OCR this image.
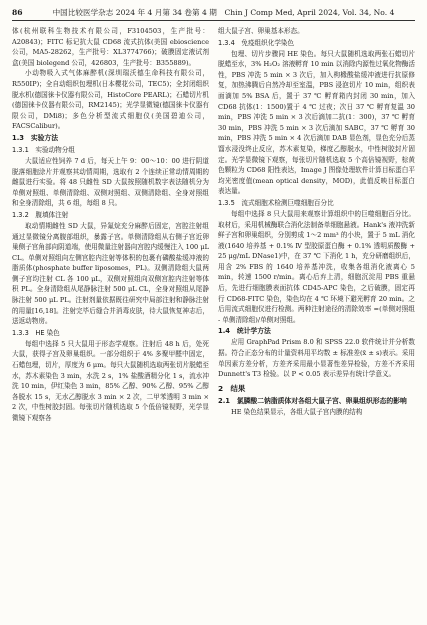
86	中国比较医学杂志 2024 年 4 月第 34 卷第 4 期　Chin J Comp Med, April 2024, Vol. 34, No. 4

体(杭州联科生物技术有限公司，F3104503，生产批号：A20843)；FITC 标记抗大鼠 CD68 流式抗体(美国 ebioscience 公司，MA5-28262，生产批号：XL3774766)；破膜固定液试剂盒(美国 biolegend 公司，426803，生产批号：B355889)。

小动物吸入式气体麻醉机(深圳瑞沃德生命科技有限公司，R550IP)；全自动组织包埋机(日本樱花公司，TEC5)；全封闭组织脱水机(德国徕卡仪器有限公司，HistoCore PEARL)；石蜡切片机(德国徕卡仪器有限公司，RM2145)；光学显微镜(德国徕卡仪器有限公司，DMi8)；多色分析型流式细胞仪(美国碧迪公司，FACSCalibur)。

1.3　实验方法
1.3.1　实验动物分组

大鼠适应性饲养 7 d 后，每天上午 9：00～10：00 进行阴道脱落细胞涂片并观察其动情周期，选取有 2 个连续正常动情周期的雌鼠进行实验。将 48 只雌性 SD 大鼠按照随机数字表法随机分为单侧对照组、单侧清除组、双侧对照组、双侧清除组、全身对照组和全身清除组，共 6 组，每组 8 只。

1.3.2　腹填体注射

取动情期雌性 SD 大鼠，异氟烷充分麻醉后固定，宫腔注射组通过显微镜分离腹部组织，暴露子宫。单侧清除组从右侧子宫近卵巢侧子宫角部向阴道端，使用微量注射器向宫腔内缓慢注入 100 μL CL。单侧对照组向左侧宫腔内注射等体积的包裹有磷酸盐缓冲液的脂质体(phosphate buffer liposomes，PL)。双侧清除组大鼠两侧子宫均注射 CL 各 100 μL，双侧对照组向双侧宫腔内注射等体积 PL。全身清除组从尾静脉注射 500 μL CL，全身对照组从尾静脉注射 500 μL PL。注射剂量依据既往研究中局部注射和静脉注射的用量[16,18]。注射完毕后缝合并消毒皮肤，待大鼠恢复神志后，送返动物房。

1.3.3　HE 染色

每组中选择 5 只大鼠用于形态学观察。注射后 48 h 后，处死大鼠，获得子宫及卵巢组织。一部分组织于 4% 多聚甲醛中固定，石蜡包埋，切片，厚度为 6 μm。每只大鼠随机选取两张切片脱蜡至水，苏木素染色 3 min，水洗 2 s，1% 盐酸酒精分化 1 s，流水冲洗 10 min，伊红染色 3 min，85% 乙醇、90% 乙醇、95% 乙醇各脱水 15 s，无水乙醇脱水 3 min × 2 次，二甲苯透明 3 min × 2 次，中性树胶封固。每张切片随机选取 5 个低倍镜视野，光学显微镜下观察各

组大鼠子宫、卵巢基本形态。

1.3.4　免疫组织化学染色

包埋、切片步骤同 HE 染色。每只大鼠随机选取两张石蜡切片脱蜡至水，3% H₂O₂ 溶液孵育 10 min 以消除内源性过氧化物酶活性，PBS 冲洗 5 min × 3 次后，加入枸橼酸盐缓冲液进行抗原修复，加热沸腾后自然冷却至室温，PBS 浸泡切片 10 min，组织表面滴加 5% BSA 后，置于 37 ℃ 孵育箱内封闭 30 min，加入 CD68 抗体(1：1500)置于 4 ℃ 过夜；次日 37 ℃ 孵育复温 30 min，PBS 冲洗 5 min × 3 次后滴加二抗(1：300)，37 ℃ 孵育 30 min，PBS 冲洗 5 min × 3 次后滴加 SABC，37 ℃ 孵育 30 min，PBS 冲洗 5 min × 4 次后滴加 DAB 显色剂，显色充分后蒸馏水浸没终止反应，苏木素复染，梯度乙醇脱水，中性树胶封片固定。光学显微镜下观察，每张切片随机选取 5 个高倍镜视野，棕黄色颗粒为 CD68 阳性表达，Image J 图像处理软件计算目标蛋白平均光密度值(mean optical density，MOD)，此值反映目标蛋白表达量。

1.3.5　流式细胞术检测巨噬细胞百分比

每组中选择 8 只大鼠用来观察计算组织中的巨噬细胞百分比。取材后，采用机械酶联合消化法制备单细胞悬液。Hank's 液冲洗新鲜子宫和卵巢组织，分别剪成 1～2 mm³ 的小块，置于 5 mL 消化液(1640 培养基 + 0.1% Ⅳ 型胶原蛋白酶 + 0.1% 透明质酸酶 + 25 μg/mL DNase1)中，在 37 ℃ 下消化 1 h，充分研磨组织后，用含 2% FBS 的 1640 培养基冲洗，收集各组消化液离心 5 min，转速 1500 r/min。离心后弃上清，细胞沉淀用 PBS 重悬后，先进行细胞膜表面抗体 CD45-APC 染色，之后破膜，固定再行 CD68-FITC 染色，染色均在 4 ℃ 环境下避光孵育 20 min。之后用流式细胞仪进行检测。两种注射途径的清除效率 =(单侧对照组 - 单侧清除组)/单侧对照组。

1.4　统计学方法

应用 GraphPad Prism 8.0 和 SPSS 22.0 软件统计并分析数据。符合正态分布的计量资料用平均数 ± 标准差(x̄ ± s)表示。采用单因素方差分析，方差齐采用最小显著性差异检验，方差不齐采用 Dunnett's T3 检验。以 P < 0.05 表示差异有统计学意义。

2　结果
2.1　氯膦酸二钠脂质体对各组大鼠子宫、卵巢组织形态的影响

HE 染色结果显示，各组大鼠子宫内膜的结构
